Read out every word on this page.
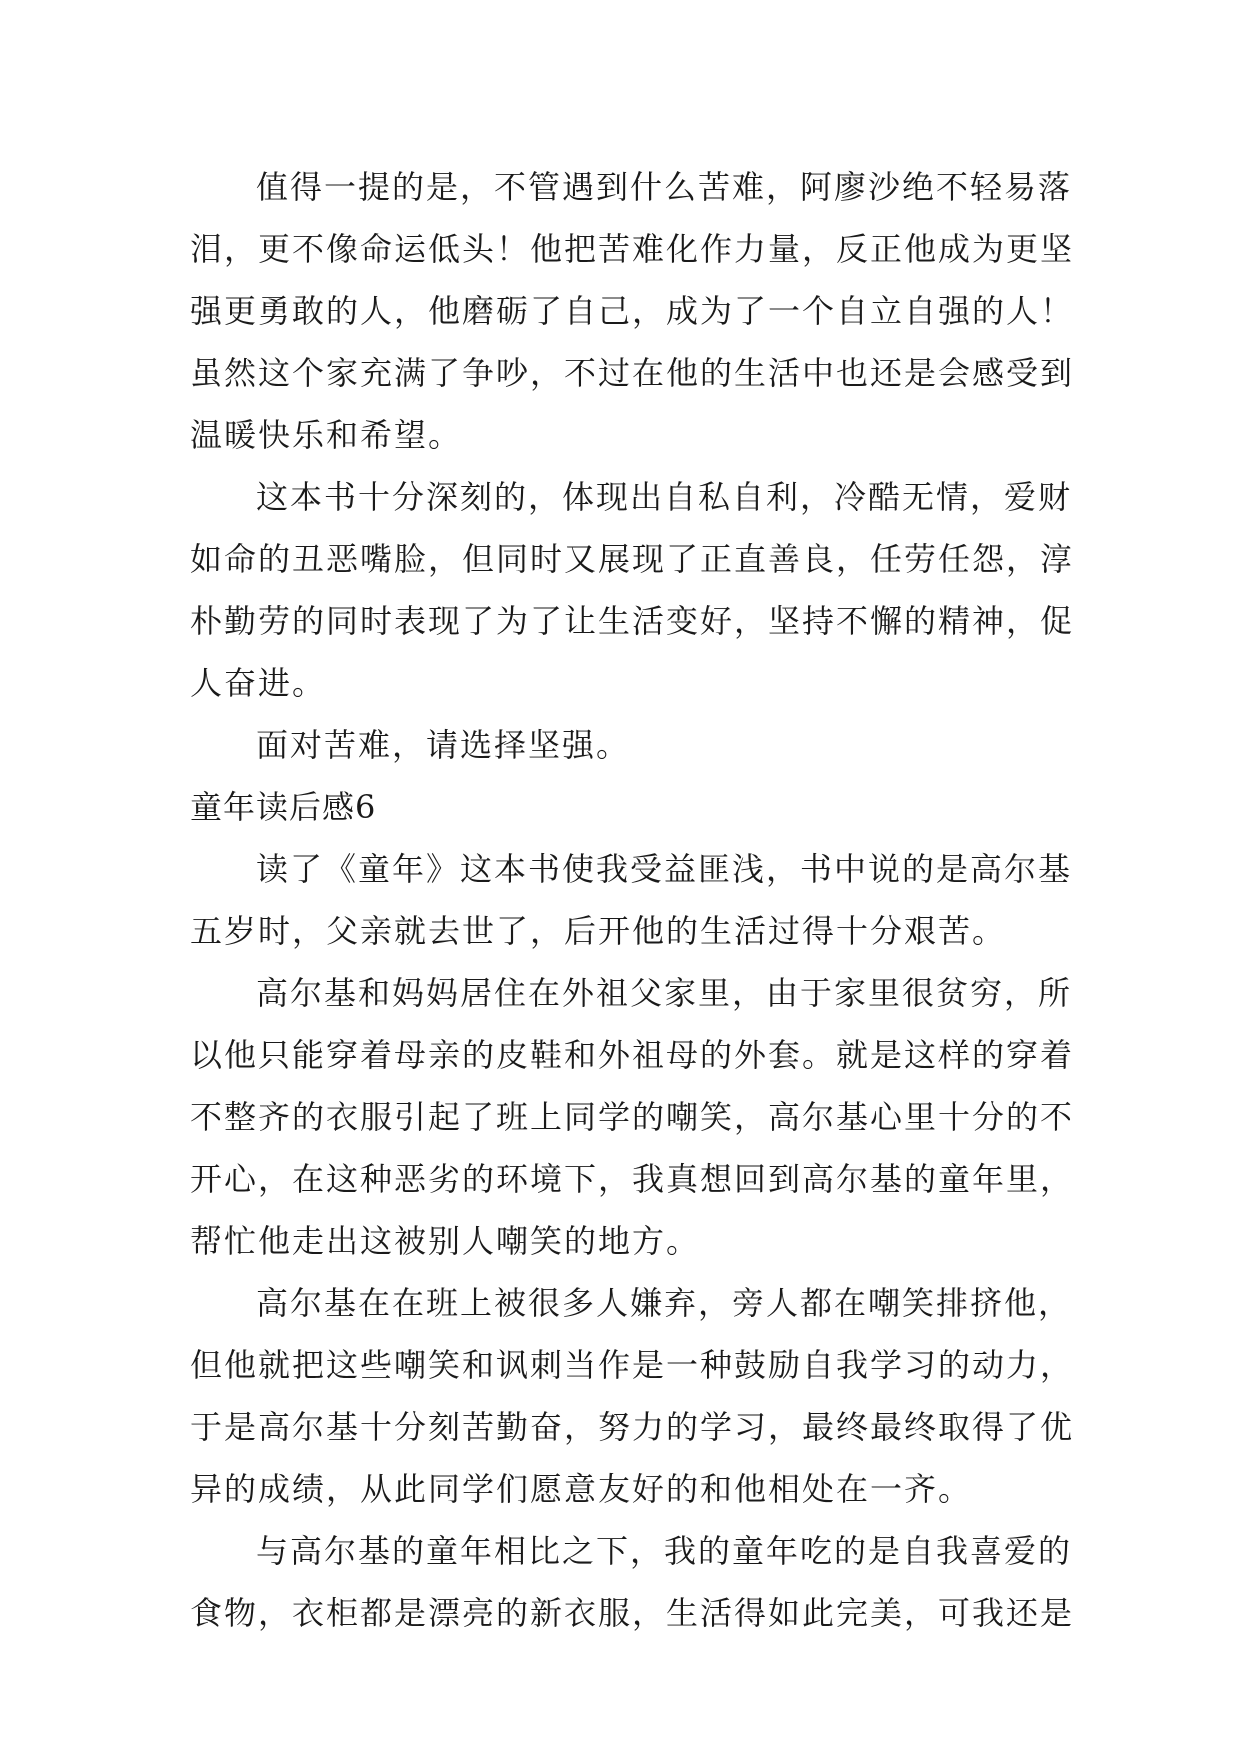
值得一提的是，不管遇到什么苦难，阿廖沙绝不轻易落
泪，更不像命运低头！他把苦难化作力量，反正他成为更坚
强更勇敢的人，他磨砺了自己，成为了一个自立自强的人！
虽然这个家充满了争吵，不过在他的生活中也还是会感受到
温暖快乐和希望。
这本书十分深刻的，体现出自私自利，冷酷无情，爱财
如命的丑恶嘴脸，但同时又展现了正直善良，任劳任怨，淳
朴勤劳的同时表现了为了让生活变好，坚持不懈的精神，促
人奋进。
面对苦难，请选择坚强。
童年读后感6
读了《童年》这本书使我受益匪浅，书中说的是高尔基
五岁时，父亲就去世了，后开他的生活过得十分艰苦。
高尔基和妈妈居住在外祖父家里，由于家里很贫穷，所
以他只能穿着母亲的皮鞋和外祖母的外套。就是这样的穿着
不整齐的衣服引起了班上同学的嘲笑，高尔基心里十分的不
开心，在这种恶劣的环境下，我真想回到高尔基的童年里，
帮忙他走出这被别人嘲笑的地方。
高尔基在在班上被很多人嫌弃，旁人都在嘲笑排挤他，
但他就把这些嘲笑和讽刺当作是一种鼓励自我学习的动力，
于是高尔基十分刻苦勤奋，努力的学习，最终最终取得了优
异的成绩，从此同学们愿意友好的和他相处在一齐。
与高尔基的童年相比之下，我的童年吃的是自我喜爱的
食物，衣柜都是漂亮的新衣服，生活得如此完美，可我还是
